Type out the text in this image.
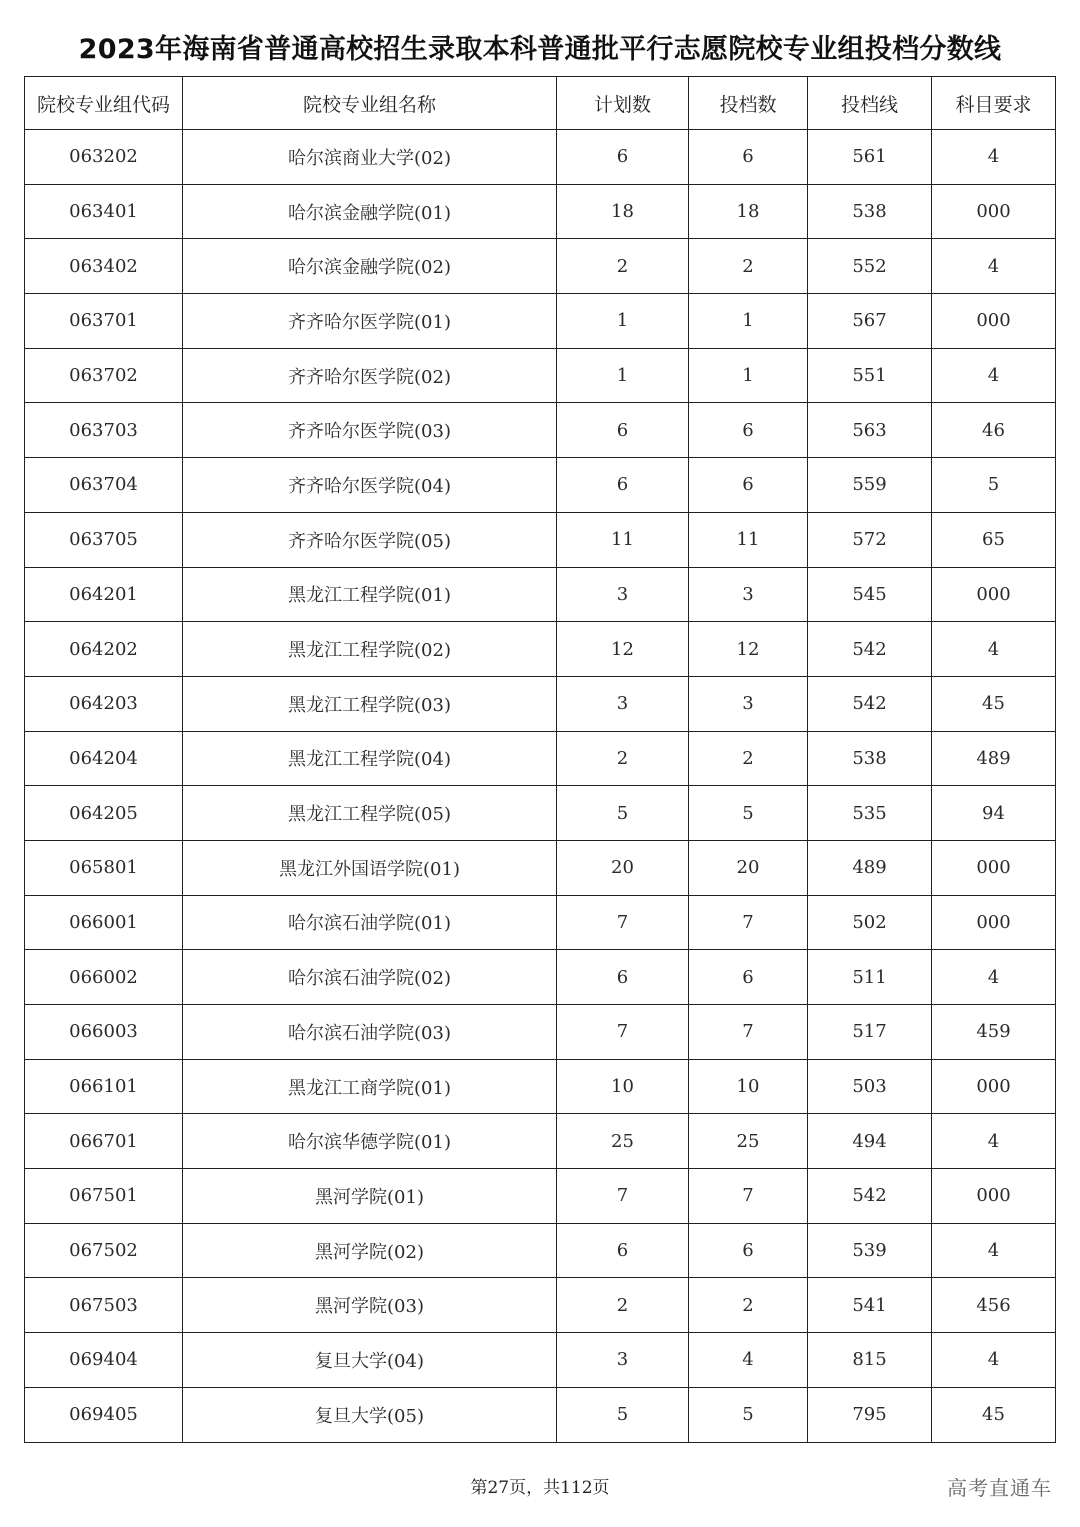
2023年海南省普通高校招生录取本科普通批平行志愿院校专业组投档分数线
院校专业组代码	院校专业组名称	计划数	投档数	投档线	科目要求
063202	哈尔滨商业大学(02)	6	6	561	4
063401	哈尔滨金融学院(01)	18	18	538	000
063402	哈尔滨金融学院(02)	2	2	552	4
063701	齐齐哈尔医学院(01)	1	1	567	000
063702	齐齐哈尔医学院(02)	1	1	551	4
063703	齐齐哈尔医学院(03)	6	6	563	46
063704	齐齐哈尔医学院(04)	6	6	559	5
063705	齐齐哈尔医学院(05)	11	11	572	65
064201	黑龙江工程学院(01)	3	3	545	000
064202	黑龙江工程学院(02)	12	12	542	4
064203	黑龙江工程学院(03)	3	3	542	45
064204	黑龙江工程学院(04)	2	2	538	489
064205	黑龙江工程学院(05)	5	5	535	94
065801	黑龙江外国语学院(01)	20	20	489	000
066001	哈尔滨石油学院(01)	7	7	502	000
066002	哈尔滨石油学院(02)	6	6	511	4
066003	哈尔滨石油学院(03)	7	7	517	459
066101	黑龙江工商学院(01)	10	10	503	000
066701	哈尔滨华德学院(01)	25	25	494	4
067501	黑河学院(01)	7	7	542	000
067502	黑河学院(02)	6	6	539	4
067503	黑河学院(03)	2	2	541	456
069404	复旦大学(04)	3	4	815	4
069405	复旦大学(05)	5	5	795	45
第27页，共112页	高考直通车
